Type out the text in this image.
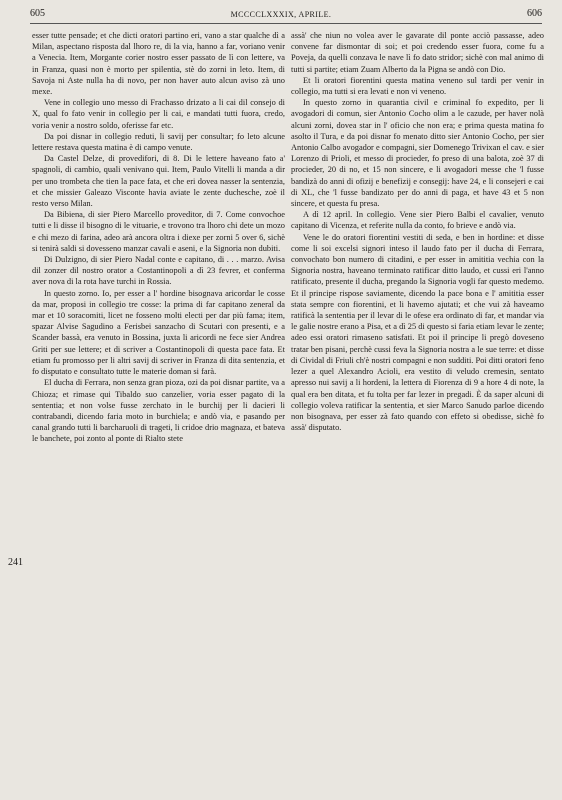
605	MCCCCLXXXIX, APRILE.	606
241

esser tutte pensade; et che dicti oratori partino eri, vano a star qualche dì a Milan, aspectano risposta dal lhoro re, di la via, hanno a far, voriano venir a Venecia. Item, Morgante corier nostro esser passato de lì con lettere, va in Franza, quasi non è morto per spilentia, stè do zorni in leto. Item, di Savoja ni Aste nulla ha di novo, per non haver auto alcun aviso zà uno mexe.

Vene in collegio uno messo di Frachasso drizato a li cai dil consejo di X, qual fo fato venir in collegio per li cai, e mandati tutti fuora, credo, voria venir a nostro soldo, oferisse far etc.

Da poi disnar in collegio reduti, li savij per consultar; fo leto alcune lettere restava questa matina è di campo venute.

Da Castel Delze, di provedifori, di 8. Di le lettere haveano fato a' spagnoli, di cambio, quali venivano qui. Item, Paulo Vitelli li manda a dir per uno trombeta che tien la pace fata, et che eri dovea nasser la sentenzia, et che missier Galeazo Visconte havia aviate le zente duchesche, zoè il resto verso Milan.

Da Bibiena, di sier Piero Marcello proveditor, di 7. Come convochoe tutti e li disse il bisogno di le vituarie, e trovono tra lhoro chi dete un mozo e chi mezo di farina, adeo arà ancora oltra i diexe per zorni 5 over 6, sichè si tenirà saldi si dovesseno manzar cavali e aseni, e la Signoria non dubiti.

Di Dulzigno, di sier Piero Nadal conte e capitano, di . . . marzo. Avisa dil zonzer dil nostro orator a Costantinopoli a dì 23 fevrer, et conferma aver nova di la rota have turchi in Rossia.

In questo zorno. Io, per esser a l' hordine bisognava aricordar le cosse da mar, proposi in collegio tre cosse: la prima di far capitano zeneral da mar et 10 soracomiti, licet ne fosseno molti electi per dar più fama; item, spazar Alvise Sagudino a Ferisbei sanzacho di Scutari con presenti, e a Scander bassà, era venuto in Bossina, juxta li aricordi ne fece sier Andrea Griti per sue lettere; et di scriver a Costantinopoli di questa pace fata. Et etiam fu promosso per li altri savij di scriver in Franza di dita sentenzia, et fo disputato e consultato tutte le materie doman si farà.

El ducha di Ferrara, non senza gran pioza, ozi da poi disnar partite, va a Chioza; et rimase qui Tibaldo suo canzelier, voria esser pagato di la sententia; et non volse fusse zerchato in le burchij per li dacieri li contrabandi, dicendo faria moto in burchiela; e andò via, e pasando per canal grando tutti li barcharuoli di trageti, li cridoe drio magnaza, et bateva le banchete, poi zonto al ponte di Rialto stete

assà' che niun no volea aver le gavarate dil ponte acciò passasse, adeo convene far dismontar di soi; et poi credendo esser fuora, come fu a Poveja, da quelli conzava le nave lì fo dato stridor; sichè con mal animo di tutti si partite; etiam Zuam Alberto da la Pigna se andò con Dio.

Et li oratori fiorentini questa matina veneno sul tardi per venir in collegio, ma tutti si era levati e non vi veneno.

In questo zorno in quarantia civil e criminal fo expedito, per li avogadori di comun, sier Antonio Cocho olim a le cazude, per haver nolà alcuni zorni, dovea star in l' oficio che non era; e prima questa matina fo asolto il Tura, e da poi disnar fo menato ditto sier Antonio Cocho, per sier Antonio Calbo avogador e compagni, sier Domenego Trivixan el cav. e sier Lorenzo di Prioli, et messo di procieder, fo preso di una balota, zoè 37 di procieder, 20 di no, et 15 non sincere, e li avogadori messe che 'l fusse bandizà do anni di ofizij e benefizij e consegij: have 24, e li consejeri e cai di XL, che 'l fusse bandizato per do anni di paga, et have 43 et 5 non sincere, et questa fu presa.

A dì 12 april. In collegio. Vene sier Piero Balbi el cavalier, venuto capitano di Vicenza, et referite nulla da conto, fo brieve e andò via.

Vene le do oratori fiorentini vestiti di seda, e ben in hordine: et disse come li soi excelsi signori inteso il laudo fato per il ducha di Ferrara, convochato bon numero di citadini, e per esser in amititia vechia con la Signoria nostra, haveano terminato ratificar ditto laudo, et cussi eri l'anno ratificato, presente il ducha, pregando la Signoria vogli far questo medemo. Et il principe rispose saviamente, dicendo la pace bona e l' amititia esser stata sempre con fiorentini, et li havemo ajutati; et che vui zà haveamo ratificà la sententia per il levar di le ofese era ordinato di far, et mandar via le galie nostre erano a Pisa, et a dì 25 di questo si faria etiam levar le zente; adeo essi oratori rimaseno satisfati. Et poi il principe li pregò doveseno tratar ben pisani, perchè cussi feva la Signoria nostra a le sue terre: et disse di Cividal di Friuli ch'è nostri compagni e non sudditi. Poi ditti oratori feno lezer a quel Alexandro Acioli, era vestito di veludo cremesin, sentato apresso nui savij a li hordeni, la lettera di Fiorenza di 9 a hore 4 di note, la qual era ben ditata, et fu tolta per far lezer in pregadi. È da saper alcuni di collegio voleva ratificar la sententia, et sier Marco Sanudo parloe dicendo non bisognava, per esser zà fato quando con effeto si obedisse, sichè fo assà' disputato.
